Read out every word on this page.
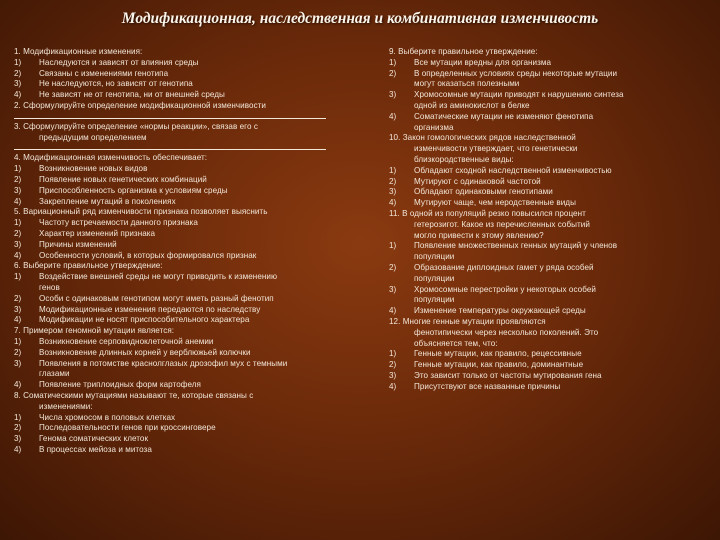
Модификационная, наследственная и комбинативная изменчивость
1. Модификационные изменения:
1)	Наследуются и зависят от влияния среды
2)	Связаны с изменениями генотипа
3)	Не наследуются, но зависят от генотипа
4)	Не зависят не от генотипа, ни от внешней среды
2. Сформулируйте определение модификационной изменчивости
3. Сформулируйте определение «нормы реакции», связав его с
предыдущим определением
4. Модификационная изменчивость обеспечивает:
1)	Возникновение новых видов
2)	Появление новых генетических комбинаций
3)	Приспособленность организма к условиям среды
4)	Закрепление мутаций в поколениях
5. Вариационный ряд изменчивости признака позволяет выяснить
1)	Частоту встречаемости данного признака
2)	Характер изменений признака
3)	Причины изменений
4)	Особенности условий, в которых формировался признак
6. Выберите правильное утверждение:
1)	Воздействие внешней среды не могут приводить к изменению
генов
2)	Особи с одинаковым генотипом могут иметь разный фенотип
3)	Модификационные изменения передаются по наследству
4)	Модификации не носят приспособительного характера
7. Примером геномной мутации является:
1)	Возникновение серповидноклеточной анемии
2)	Возникновение длинных корней у верблюжьей колючки
3)	Появления в потомстве краснолглазых дрозофил мух с темными
глазами
4)	Появление триплоидных форм картофеля
8. Соматическими мутациями называют те, которые связаны с
изменениями:
1)	Числа хромосом в половых клетках
2)	Последовательности генов при кроссинговере
3)	Генома соматических клеток
4)	В процессах мейоза и митоза
9. Выберите правильное утверждение:
1)	Все мутации вредны для организма
2)	В определенных условиях среды некоторые мутации
могут оказаться полезными
3)	Хромосомные мутации приводят к нарушению синтеза
одной из аминокислот в белке
4)	Соматические мутации не изменяют фенотипа
организма
10. Закон гомологических рядов наследственной
изменчивости утверждает, что генетически
близкородственные виды:
1)	Обладают сходной наследственной изменчивостью
2)	Мутируют с одинаковой частотой
3)	Обладают одинаковыми генотипами
4)	Мутируют чаще, чем неродственные виды
11. В одной из популяций резко повысился процент
гетерозигот. Какое из перечисленных событий
могло привести к этому явлению?
1)	Появление множественных генных мутаций у членов
популяции
2)	Образование диплоидных гамет у ряда особей
популяции
3)	Хромосомные перестройки у некоторых особей
популяции
4)	Изменение температуры окружающей среды
12. Многие генные мутации проявляются
фенотипически через несколько поколений. Это
объясняется тем, что:
1)	Генные мутации, как правило, рецессивные
2)	Генные мутации, как правило, доминантные
3)	Это зависит только от частоты мутирования гена
4)	Присутствуют все названные причины
